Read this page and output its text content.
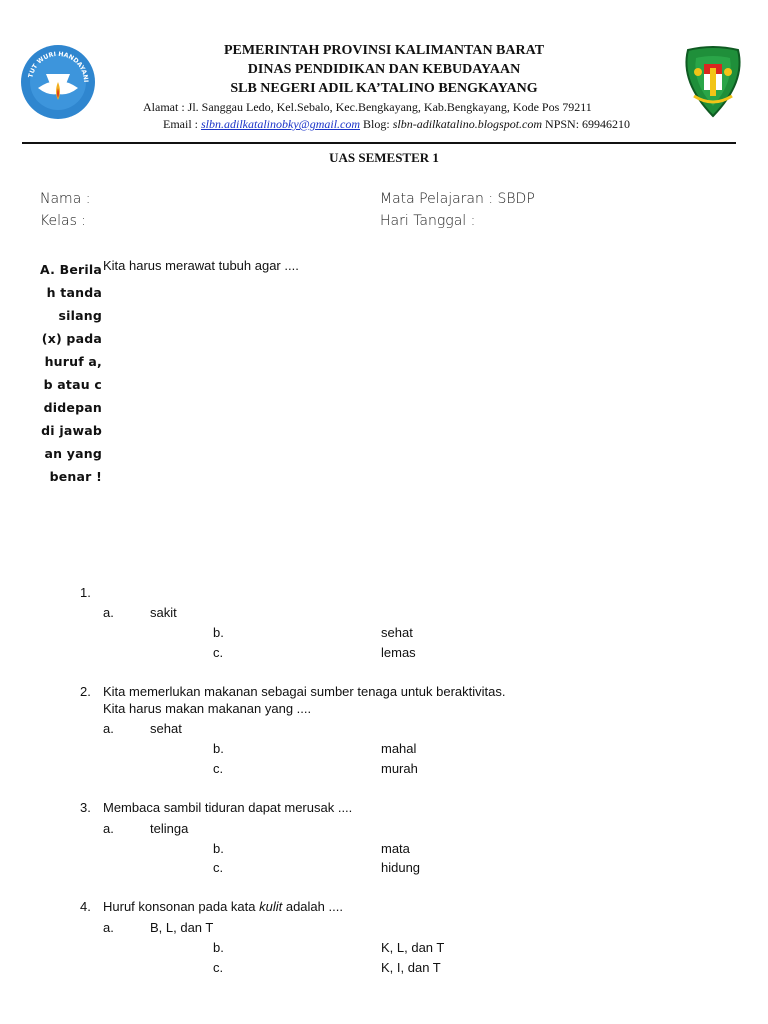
TUT WURI HANDAYANI
PEMERINTAH PROVINSI KALIMANTAN BARAT
DINAS PENDIDIKAN DAN KEBUDAYAAN
SLB NEGERI ADIL KA’TALINO BENGKAYANG
Alamat : Jl. Sanggau Ledo, Kel.Sebalo, Kec.Bengkayang, Kab.Bengkayang, Kode Pos 79211
Email : slbn.adilkatalinobky@gmail.com Blog: slbn-adilkatalino.blogspot.com NPSN: 69946210
UAS SEMESTER 1
Nama :
Kelas :
Mata Pelajaran : SBDP
Hari Tanggal :
A. Berilah tanda silang (x) pada huruf a,b atau c didepan di jawaban yang benar !
Kita harus merawat tubuh agar ....
1.
a.	sakit
b.	sehat
c.	lemas
2. Kita memerlukan makanan sebagai sumber tenaga untuk beraktivitas.
Kita harus makan makanan yang ....
a.	sehat
b.	mahal
c.	murah
3. Membaca sambil tiduran dapat merusak ....
a.	telinga
b.	mata
c.	hidung
4. Huruf konsonan pada kata kulit adalah ....
a.	B, L, dan T
b.	K, L, dan T
c.	K, I, dan T
